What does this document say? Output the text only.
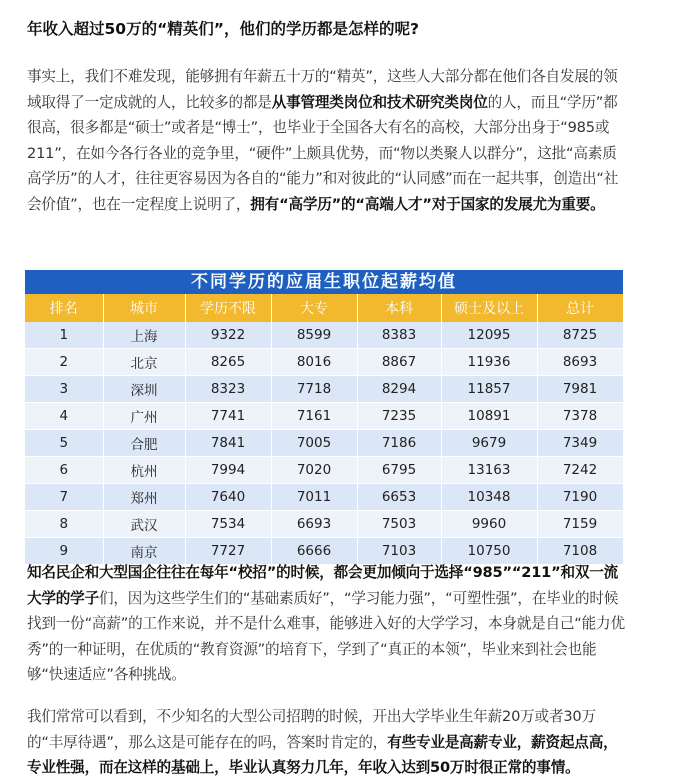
年收入超过50万的“精英们”，他们的学历都是怎样的呢?

事实上，我们不难发现，能够拥有年薪五十万的“精英”，这些人大部分都在他们各自发展的领域取得了一定成就的人，比较多的都是从事管理类岗位和技术研究类岗位的人，而且“学历”都很高，很多都是“硕士”或者是“博士”，也毕业于全国各大有名的高校，大部分出身于“985或211”，在如今各行各业的竞争里，“硬件”上颇具优势，而“物以类聚人以群分”，这批“高素质高学历”的人才，往往更容易因为各自的“能力”和对彼此的“认同感”而在一起共事，创造出“社会价值”，也在一定程度上说明了，拥有“高学历”的“高端人才”对于国家的发展尤为重要。

不同学历的应届生职位起薪均值
排名	城市	学历不限	大专	本科	硕士及以上	总计
1	上海	9322	8599	8383	12095	8725
2	北京	8265	8016	8867	11936	8693
3	深圳	8323	7718	8294	11857	7981
4	广州	7741	7161	7235	10891	7378
5	合肥	7841	7005	7186	9679	7349
6	杭州	7994	7020	6795	13163	7242
7	郑州	7640	7011	6653	10348	7190
8	武汉	7534	6693	7503	9960	7159
9	南京	7727	6666	7103	10750	7108

知名民企和大型国企往往在每年“校招”的时候，都会更加倾向于选择“985”“211”和双一流大学的学子们，因为这些学生们的“基础素质好”，“学习能力强”，“可塑性强”，在毕业的时候找到一份“高薪”的工作来说，并不是什么难事，能够进入好的大学学习，本身就是自己“能力优秀”的一种证明，在优质的“教育资源”的培育下，学到了“真正的本领”，毕业来到社会也能够“快速适应”各种挑战。

我们常常可以看到，不少知名的大型公司招聘的时候，开出大学毕业生年薪20万或者30万的“丰厚待遇”，那么这是可能存在的吗，答案时肯定的，有些专业是高薪专业，薪资起点高，专业性强，而在这样的基础上，毕业认真努力几年，年收入达到50万时很正常的事情。
